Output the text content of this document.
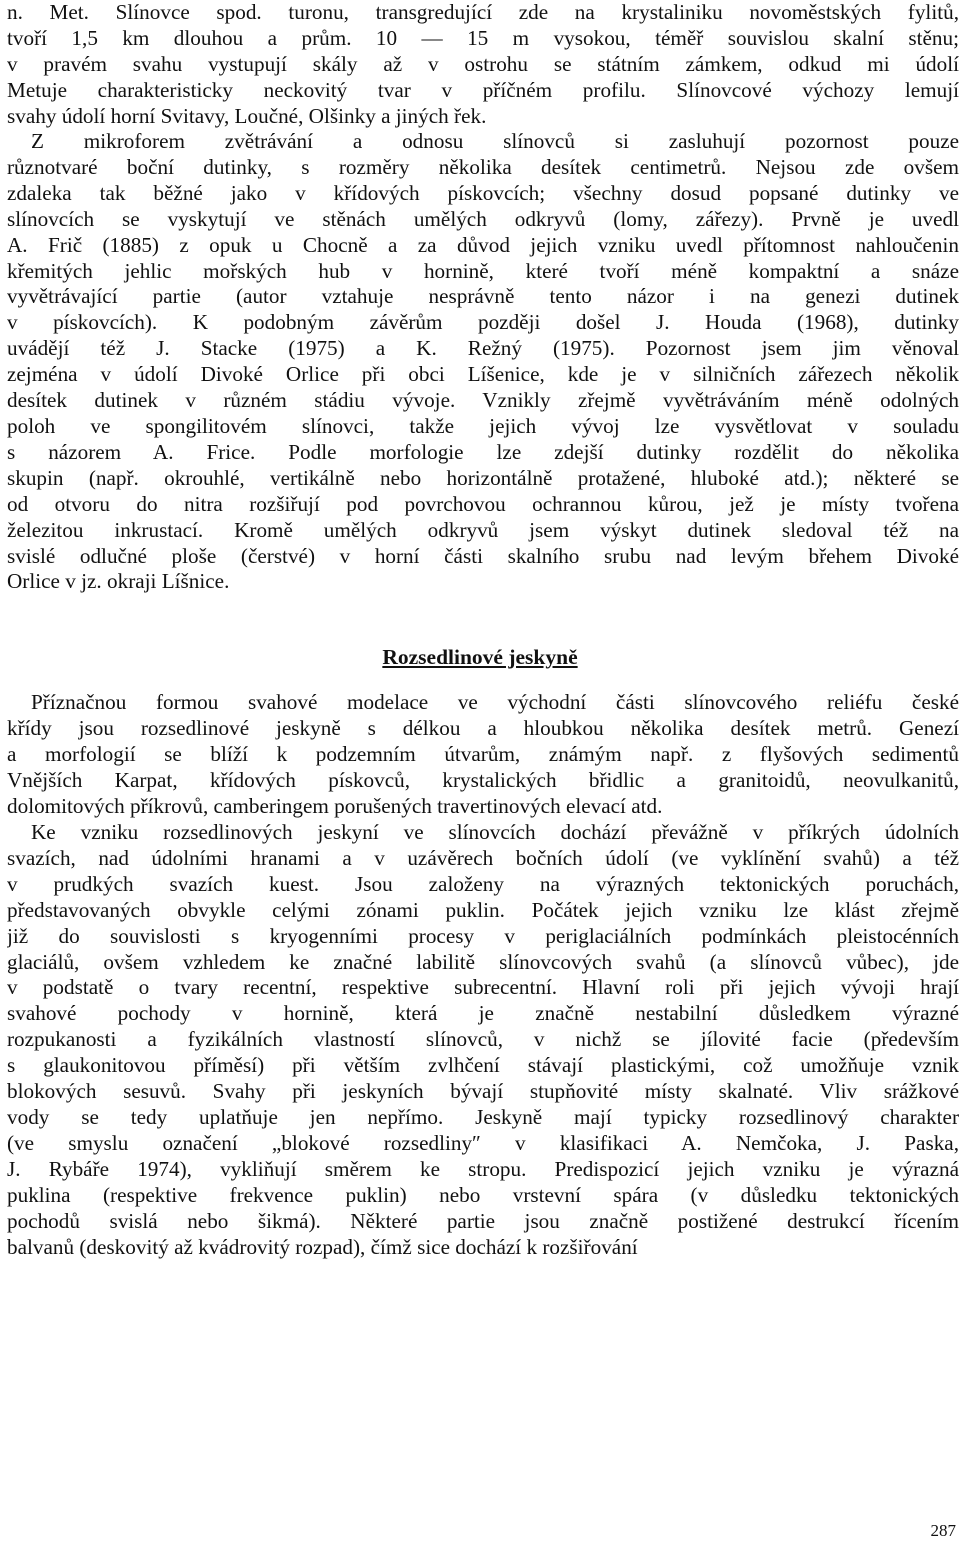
n. Met. Slínovce spod. turonu, transgredující zde na krystaliniku novoměstských fylitů,
tvoří 1,5 km dlouhou a prům. 10 — 15 m vysokou, téměř souvislou skalní stěnu;
v pravém svahu vystupují skály až v ostrohu se státním zámkem, odkud mi údolí
Metuje charakteristicky neckovitý tvar v příčném profilu. Slínovcové výchozy lemují
svahy údolí horní Svitavy, Loučné, Olšinky a jiných řek.
Z mikroforem zvětrávání a odnosu slínovců si zasluhují pozornost pouze
různotvaré boční dutinky, s rozměry několika desítek centimetrů. Nejsou zde ovšem
zdaleka tak běžné jako v křídových pískovcích; všechny dosud popsané dutinky ve
slínovcích se vyskytují ve stěnách umělých odkryvů (lomy, zářezy). Prvně je uvedl
A. Frič (1885) z opuk u Chocně a za důvod jejich vzniku uvedl přítomnost nahloučenin
křemitých jehlic mořských hub v hornině, které tvoří méně kompaktní a snáze
vyvětrávající partie (autor vztahuje nesprávně tento názor i na genezi dutinek
v pískovcích). K podobným závěrům později došel J. Houda (1968), dutinky
uvádějí též J. Stacke (1975) a K. Režný (1975). Pozornost jsem jim věnoval
zejména v údolí Divoké Orlice při obci Líšenice, kde je v silničních zářezech několik
desítek dutinek v různém stádiu vývoje. Vznikly zřejmě vyvětráváním méně odolných
poloh ve spongilitovém slínovci, takže jejich vývoj lze vysvětlovat v souladu
s názorem A. Frice. Podle morfologie lze zdejší dutinky rozdělit do několika
skupin (např. okrouhlé, vertikálně nebo horizontálně protažené, hluboké atd.); některé se
od otvoru do nitra rozšiřují pod povrchovou ochrannou kůrou, jež je místy tvořena
železitou inkrustací. Kromě umělých odkryvů jsem výskyt dutinek sledoval též na
svislé odlučné ploše (čerstvé) v horní části skalního srubu nad levým břehem Divoké
Orlice v jz. okraji Líšnice.
Rozsedlinové jeskyně
Příznačnou formou svahové modelace ve východní části slínovcového reliéfu české
křídy jsou rozsedlinové jeskyně s délkou a hloubkou několika desítek metrů. Genezí
a morfologií se blíží k podzemním útvarům, známým např. z flyšových sedimentů
Vnějších Karpat, křídových pískovců, krystalických břidlic a granitoidů, neovulkanitů,
dolomitových příkrovů, camberingem porušených travertinových elevací atd.
Ke vzniku rozsedlinových jeskyní ve slínovcích dochází převážně v příkrých údolních
svazích, nad údolními hranami a v uzávěrech bočních údolí (ve vyklínění svahů) a též
v prudkých svazích kuest. Jsou založeny na výrazných tektonických poruchách,
představovaných obvykle celými zónami puklin. Počátek jejich vzniku lze klást zřejmě
již do souvislosti s kryogenními procesy v periglaciálních podmínkách pleistocénních
glaciálů, ovšem vzhledem ke značné labilitě slínovcových svahů (a slínovců vůbec), jde
v podstatě o tvary recentní, respektive subrecentní. Hlavní roli při jejich vývoji hrají
svahové pochody v hornině, která je značně nestabilní důsledkem výrazné
rozpukanosti a fyzikálních vlastností slínovců, v nichž se jílovité facie (především
s glaukonitovou příměsí) při větším zvlhčení stávají plastickými, což umožňuje vznik
blokových sesuvů. Svahy při jeskyních bývají stupňovité místy skalnaté. Vliv srážkové
vody se tedy uplatňuje jen nepřímo. Jeskyně mají typicky rozsedlinový charakter
(ve smyslu označení „blokové rozsedliny″ v klasifikaci A. Nemčoka, J. Paska,
J. Rybáře 1974), vykliňují směrem ke stropu. Predispozicí jejich vzniku je výrazná
puklina (respektive frekvence puklin) nebo vrstevní spára (v důsledku tektonických
pochodů svislá nebo šikmá). Některé partie jsou značně postižené destrukcí řícením
balvanů (deskovitý až kvádrovitý rozpad), čímž sice dochází k rozšiřování

287
